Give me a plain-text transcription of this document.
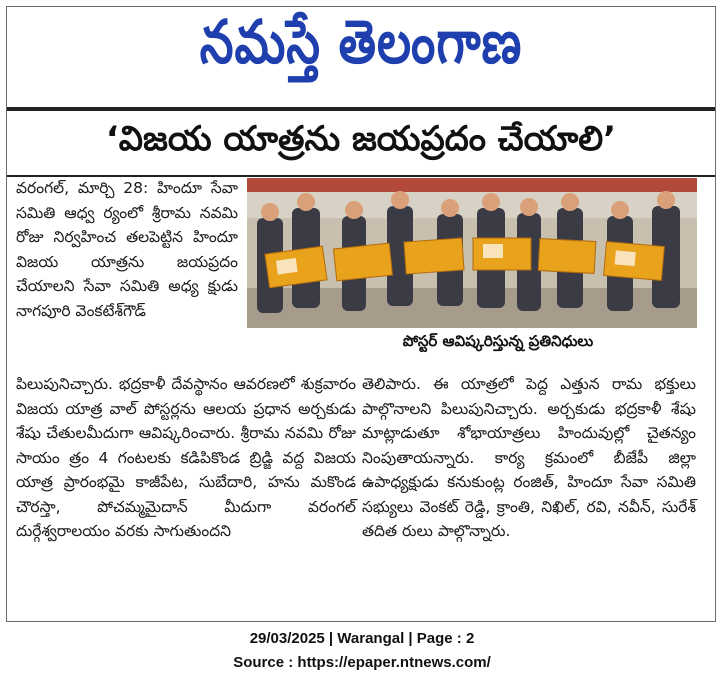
నమస్తే తెలంగాణ
‘విజయ యాత్రను జయప్రదం చేయాలి’

వరంగల్, మార్చి 28: హిందూ సేవా సమితి ఆధ్వ ర్యంలో శ్రీరామ నవమి రోజు నిర్వహించ తలపెట్టిన హిందూ విజయ యాత్రను జయప్రదం చేయాలని సేవా సమితి అధ్య క్షుడు నాగపూరి వెంకటేశ్‌గౌడ్

పోస్టర్ ఆవిష్కరిస్తున్న ప్రతినిధులు

పిలుపునిచ్చారు. భద్రకాళీ దేవస్థానం ఆవరణలో శుక్రవారం విజయ యాత్ర వాల్ పోస్టర్లను ఆలయ ప్రధాన అర్చకుడు శేషు చేతులమీదుగా ఆవిష్కరించారు. శ్రీరామ నవమి రోజు సాయం త్రం 4 గంటలకు కడిపికొండ బ్రిడ్జి వద్ద విజయ యాత్ర ప్రారంభమై కాజీపేట, సుబేదారి, హను మకొండ చౌరస్తా, పోచమ్మమైదాన్ మీదుగా వరంగల్ దుర్గేశ్వరాలయం వరకు సాగుతుందని

తెలిపారు. ఈ యాత్రలో పెద్ద ఎత్తున రామ భక్తులు పాల్గొనాలని పిలుపునిచ్చారు. అర్చకుడు భద్రకాళీ శేషు మాట్లాడుతూ శోభాయాత్రలు హిందువుల్లో చైతన్యం నింపుతాయన్నారు. కార్య క్రమంలో బీజేపీ జిల్లా ఉపాధ్యక్షుడు కనుకుంట్ల రంజిత్, హిందూ సేవా సమితి సభ్యులు వెంకట్ రెడ్డి, క్రాంతి, నిఖిల్, రవి, నవీన్, సురేశ్ తదిత రులు పాల్గొన్నారు.

29/03/2025 | Warangal | Page : 2
Source : https://epaper.ntnews.com/
